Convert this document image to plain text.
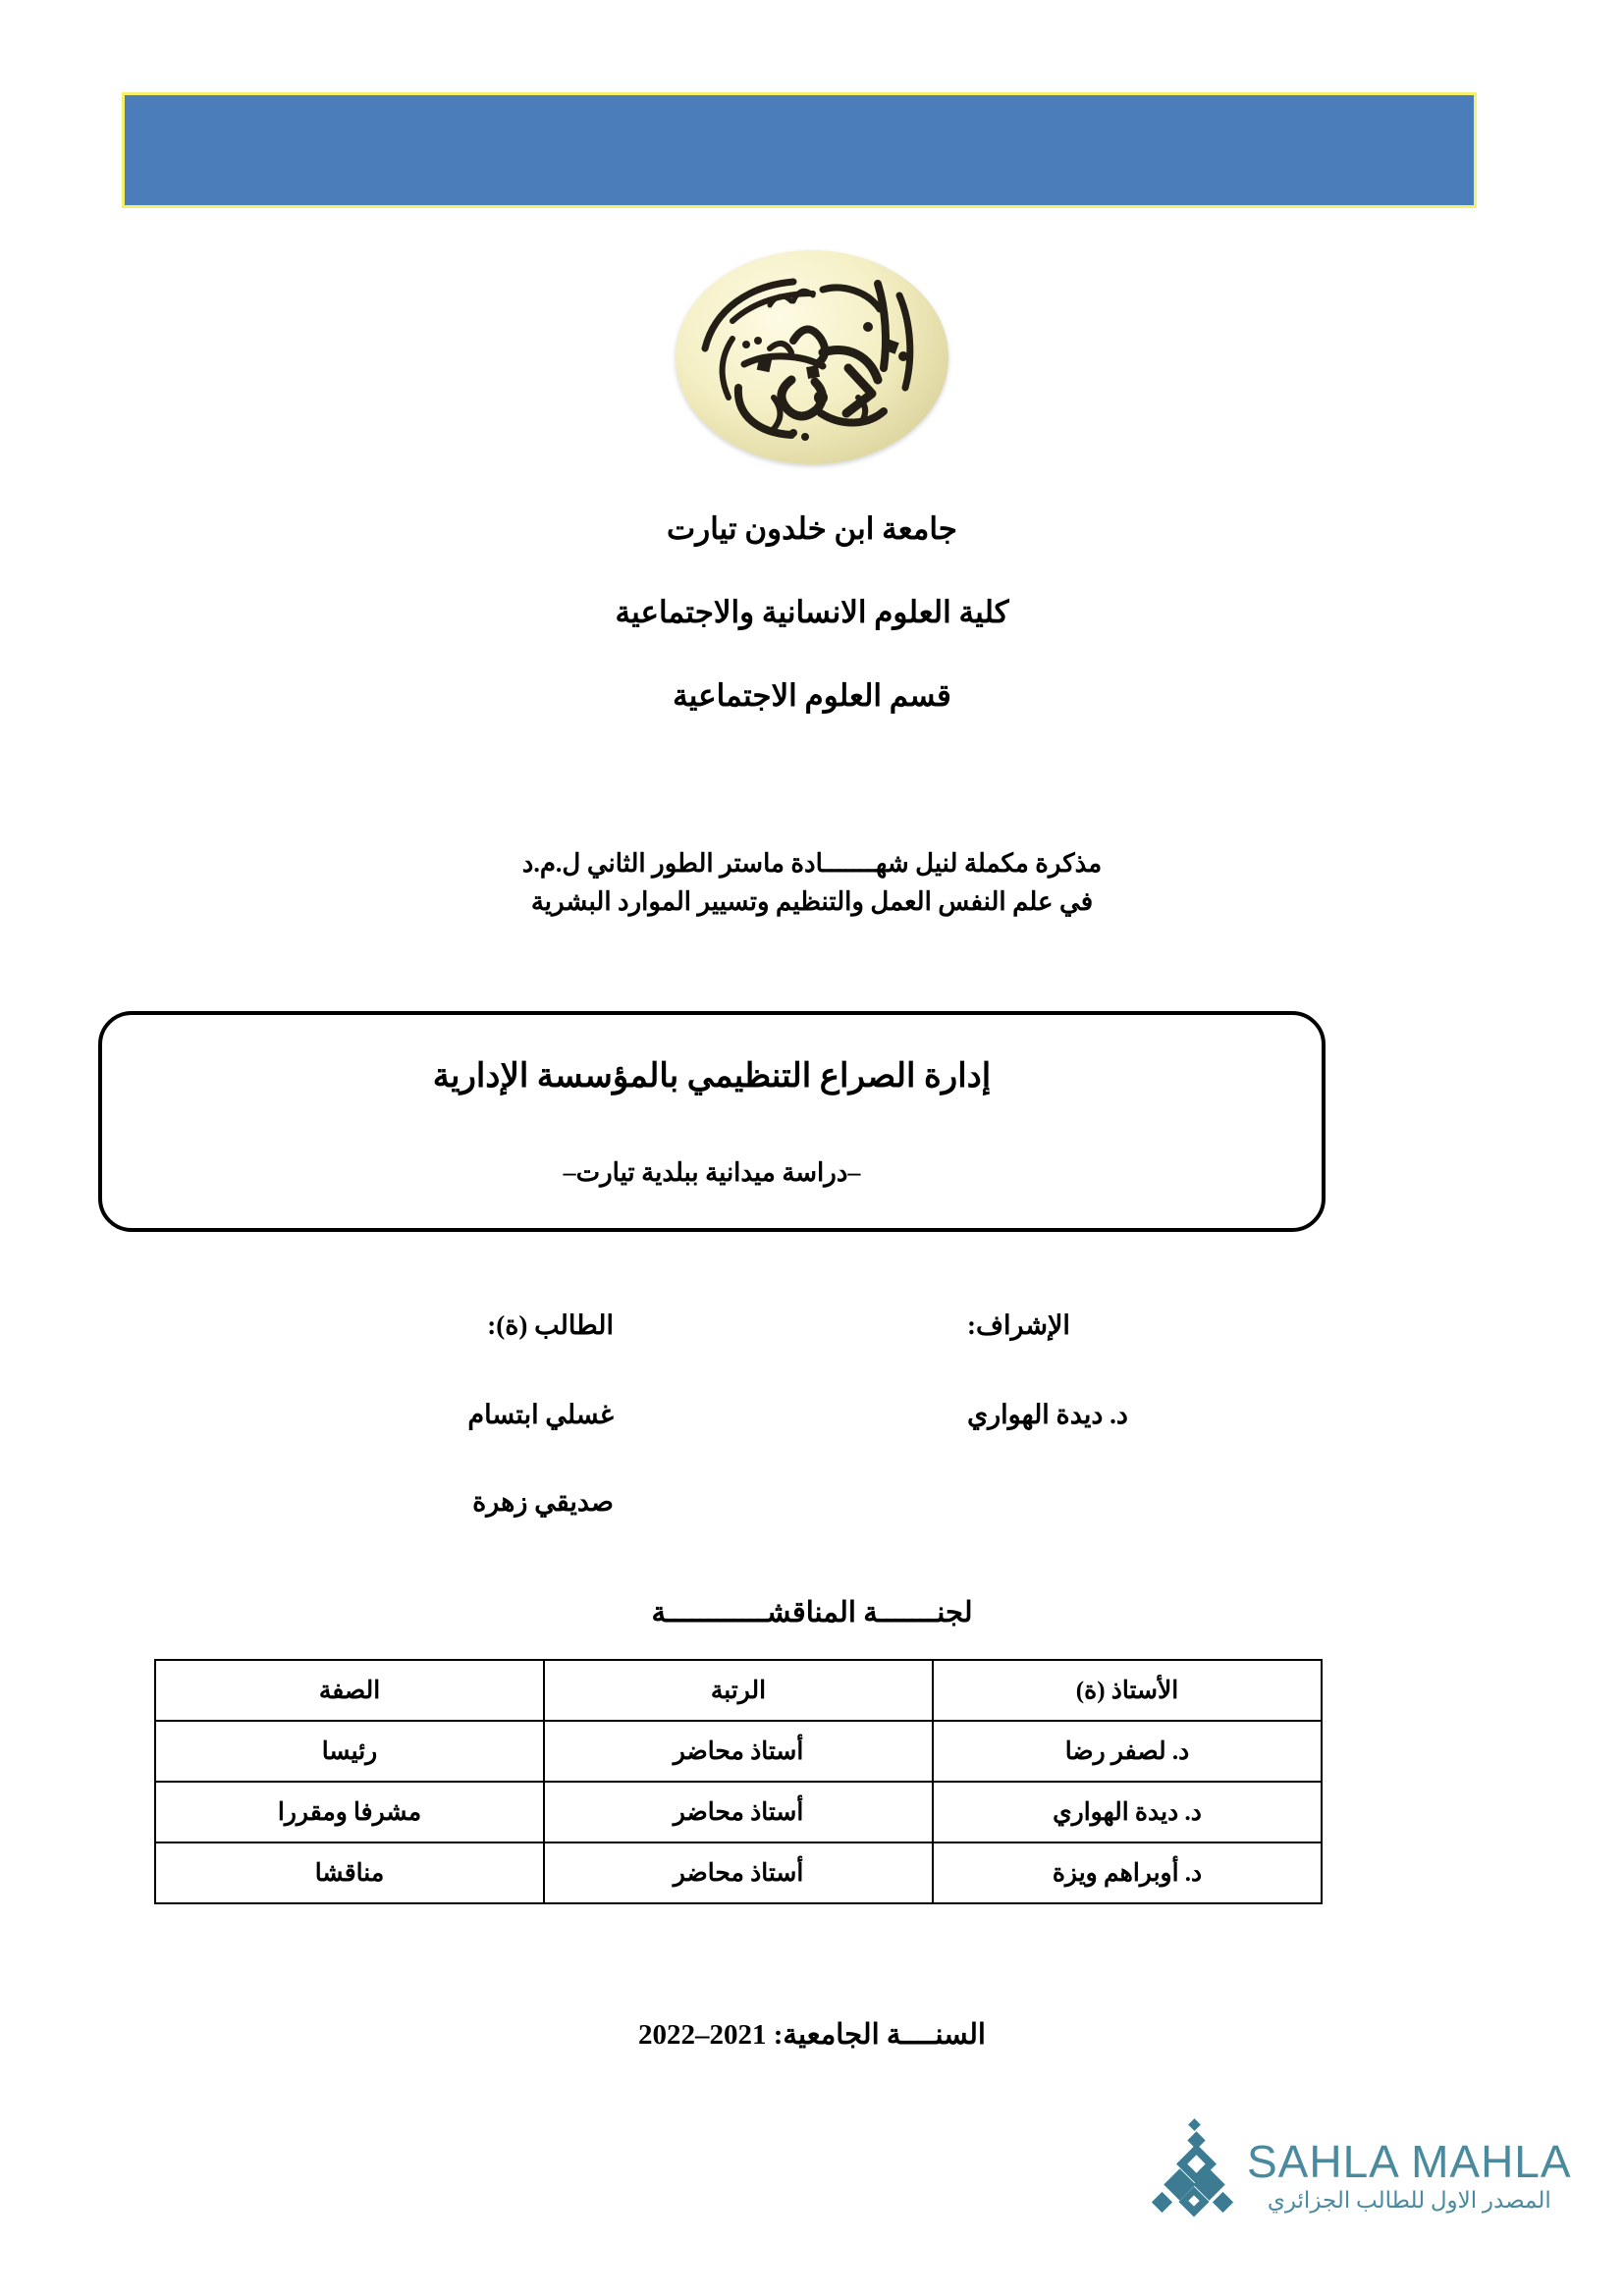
جامعة ابن خلدون تيارت

كلية العلوم الانسانية والاجتماعية

قسم العلوم الاجتماعية

مذكرة مكملة لنيل شهـــــــادة ماستر الطور الثاني ل.م.د

في علم النفس العمل والتنظيم وتسيير الموارد البشرية

إدارة الصراع التنظيمي بالمؤسسة الإدارية

–دراسة ميدانية ببلدية تيارت–

الإشراف:

د. ديدة الهواري

الطالب (ة):

غسلي ابتسام

صديقي زهرة

لجنـــــــة المناقشــــــــــــة
الأستاذ (ة)	الرتبة	الصفة
د. لصفر رضا	أستاذ محاضر	رئيسا
د. ديدة الهواري	أستاذ محاضر	مشرفا ومقررا
د. أوبراهم ويزة	أستاذ محاضر	مناقشا
السنــــة الجامعية: 2021–2022
SAHLA MAHLA
المصدر الاول للطالب الجزائري
